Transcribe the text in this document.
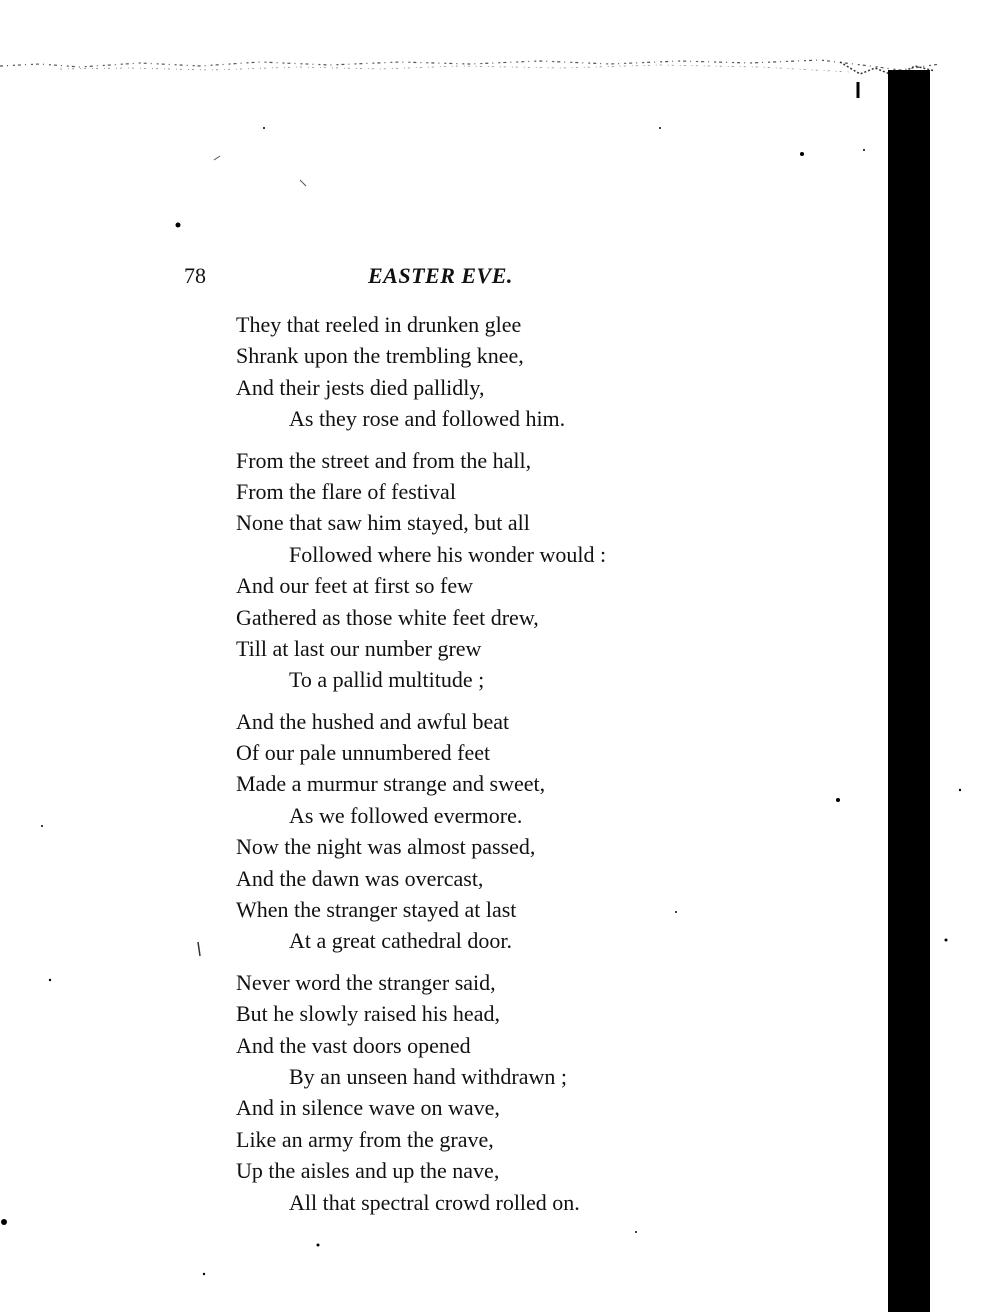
78	EASTER EVE.
They that reeled in drunken glee
Shrank upon the trembling knee,
And their jests died pallidly,
As they rose and followed him.
From the street and from the hall,
From the flare of festival
None that saw him stayed, but all
Followed where his wonder would :
And our feet at first so few
Gathered as those white feet drew,
Till at last our number grew
To a pallid multitude ;
And the hushed and awful beat
Of our pale unnumbered feet
Made a murmur strange and sweet,
As we followed evermore.
Now the night was almost passed,
And the dawn was overcast,
When the stranger stayed at last
At a great cathedral door.
Never word the stranger said,
But he slowly raised his head,
And the vast doors opened
By an unseen hand withdrawn ;
And in silence wave on wave,
Like an army from the grave,
Up the aisles and up the nave,
All that spectral crowd rolled on.
